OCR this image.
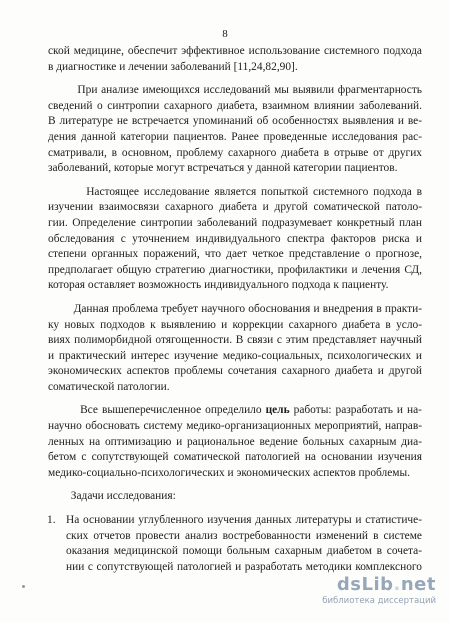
8

ской медицине, обеспечит эффективное использование системного подхода
в диагностике и лечении заболеваний [11,24,82,90].

При анализе имеющихся исследований мы выявили фрагментарность
сведений о синтропии сахарного диабета, взаимном влиянии заболеваний.
В литературе не встречается упоминаний об особенностях выявления и ве-
дения данной категории пациентов. Ранее проведенные исследования рас-
сматривали, в основном, проблему сахарного диабета в отрыве от других
заболеваний, которые могут встречаться у данной категории пациентов.

Настоящее исследование является попыткой системного подхода в
изучении взаимосвязи сахарного диабета и другой соматической патоло-
гии. Определение синтропии заболеваний подразумевает конкретный план
обследования с уточнением индивидуального спектра факторов риска и
степени органных поражений, что дает четкое представление о прогнозе,
предполагает общую стратегию диагностики, профилактики и лечения СД,
которая оставляет возможность индивидуального подхода к пациенту.

Данная проблема требует научного обоснования и внедрения в практи-
ку новых подходов к выявлению и коррекции сахарного диабета в усло-
виях полиморбидной отягощенности. В связи с этим представляет научный
и практический интерес изучение медико-социальных, психологических и
экономических аспектов проблемы сочетания сахарного диабета и другой
соматической патологии.

Все вышеперечисленное определило цель работы: разработать и на-
научно обосновать систему медико-организационных мероприятий, направ-
ленных на оптимизацию и рациональное ведение больных сахарным диа-
бетом с сопутствующей соматической патологией на основании изучения
медико-социально-психологических и экономических аспектов проблемы.

Задачи исследования:

1. На основании углубленного изучения данных литературы и статистиче-
ских отчетов провести анализ востребованности изменений в системе
оказания медицинской помощи больным сахарным диабетом в сочета-
нии с сопутствующей патологией и разработать методики комплексного
dsLib.net
библиотека диссертаций
